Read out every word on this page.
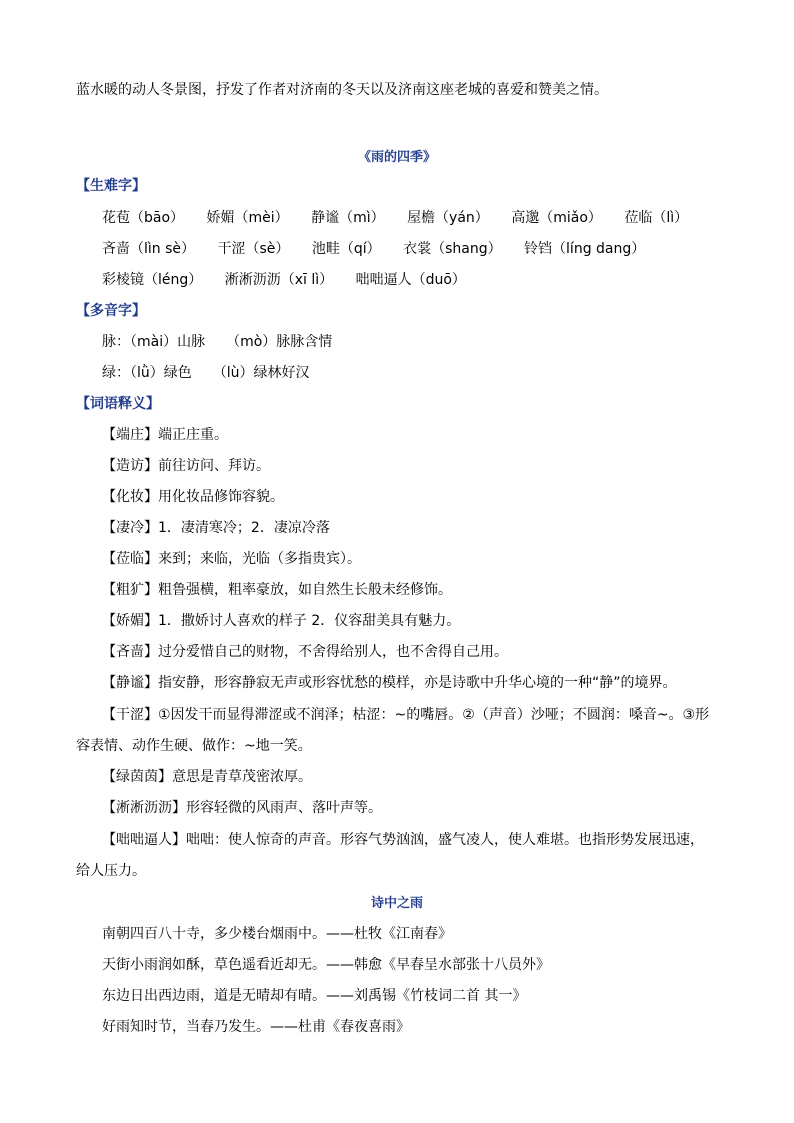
蓝水暖的动人冬景图，抒发了作者对济南的冬天以及济南这座老城的喜爱和赞美之情。
《雨的四季》
【生难字】
花苞（bāo） 娇媚（mèi） 静谧（mì） 屋檐（yán） 高邈（miǎo） 莅临（lì）
吝啬（lìn sè） 干涩（sè） 池畦（qí） 衣裳（shang） 铃铛（líng dang）
彩棱镜（léng） 淅淅沥沥（xī lì） 咄咄逼人（duō）
【多音字】
脉：（mài）山脉　　（mò）脉脉含情
绿：（lǜ）绿色　　（lù）绿林好汉
【词语释义】
【端庄】端正庄重。
【造访】前往访问、拜访。
【化妆】用化妆品修饰容貌。
【凄冷】1．凄清寒冷；2．凄凉冷落
【莅临】来到；来临，光临（多指贵宾）。
【粗犷】粗鲁强横，粗率豪放，如自然生长般未经修饰。
【娇媚】1．撒娇讨人喜欢的样子 2．仪容甜美具有魅力。
【吝啬】过分爱惜自己的财物，不舍得给别人，也不舍得自己用。
【静谧】指安静，形容静寂无声或形容忧愁的模样，亦是诗歌中升华心境的一种“静”的境界。
【干涩】①因发干而显得滞涩或不润泽；枯涩：~的嘴唇。②（声音）沙哑；不圆润：嗓音~。③形
容表情、动作生硬、做作：~地一笑。
【绿茵茵】意思是青草茂密浓厚。
【淅淅沥沥】形容轻微的风雨声、落叶声等。
【咄咄逼人】咄咄：使人惊奇的声音。形容气势汹汹，盛气凌人，使人难堪。也指形势发展迅速，
给人压力。
诗中之雨
南朝四百八十寺，多少楼台烟雨中。——杜牧《江南春》
天街小雨润如酥，草色遥看近却无。——韩愈《早春呈水部张十八员外》
东边日出西边雨，道是无晴却有晴。——刘禹锡《竹枝词二首 其一》
好雨知时节，当春乃发生。——杜甫《春夜喜雨》
